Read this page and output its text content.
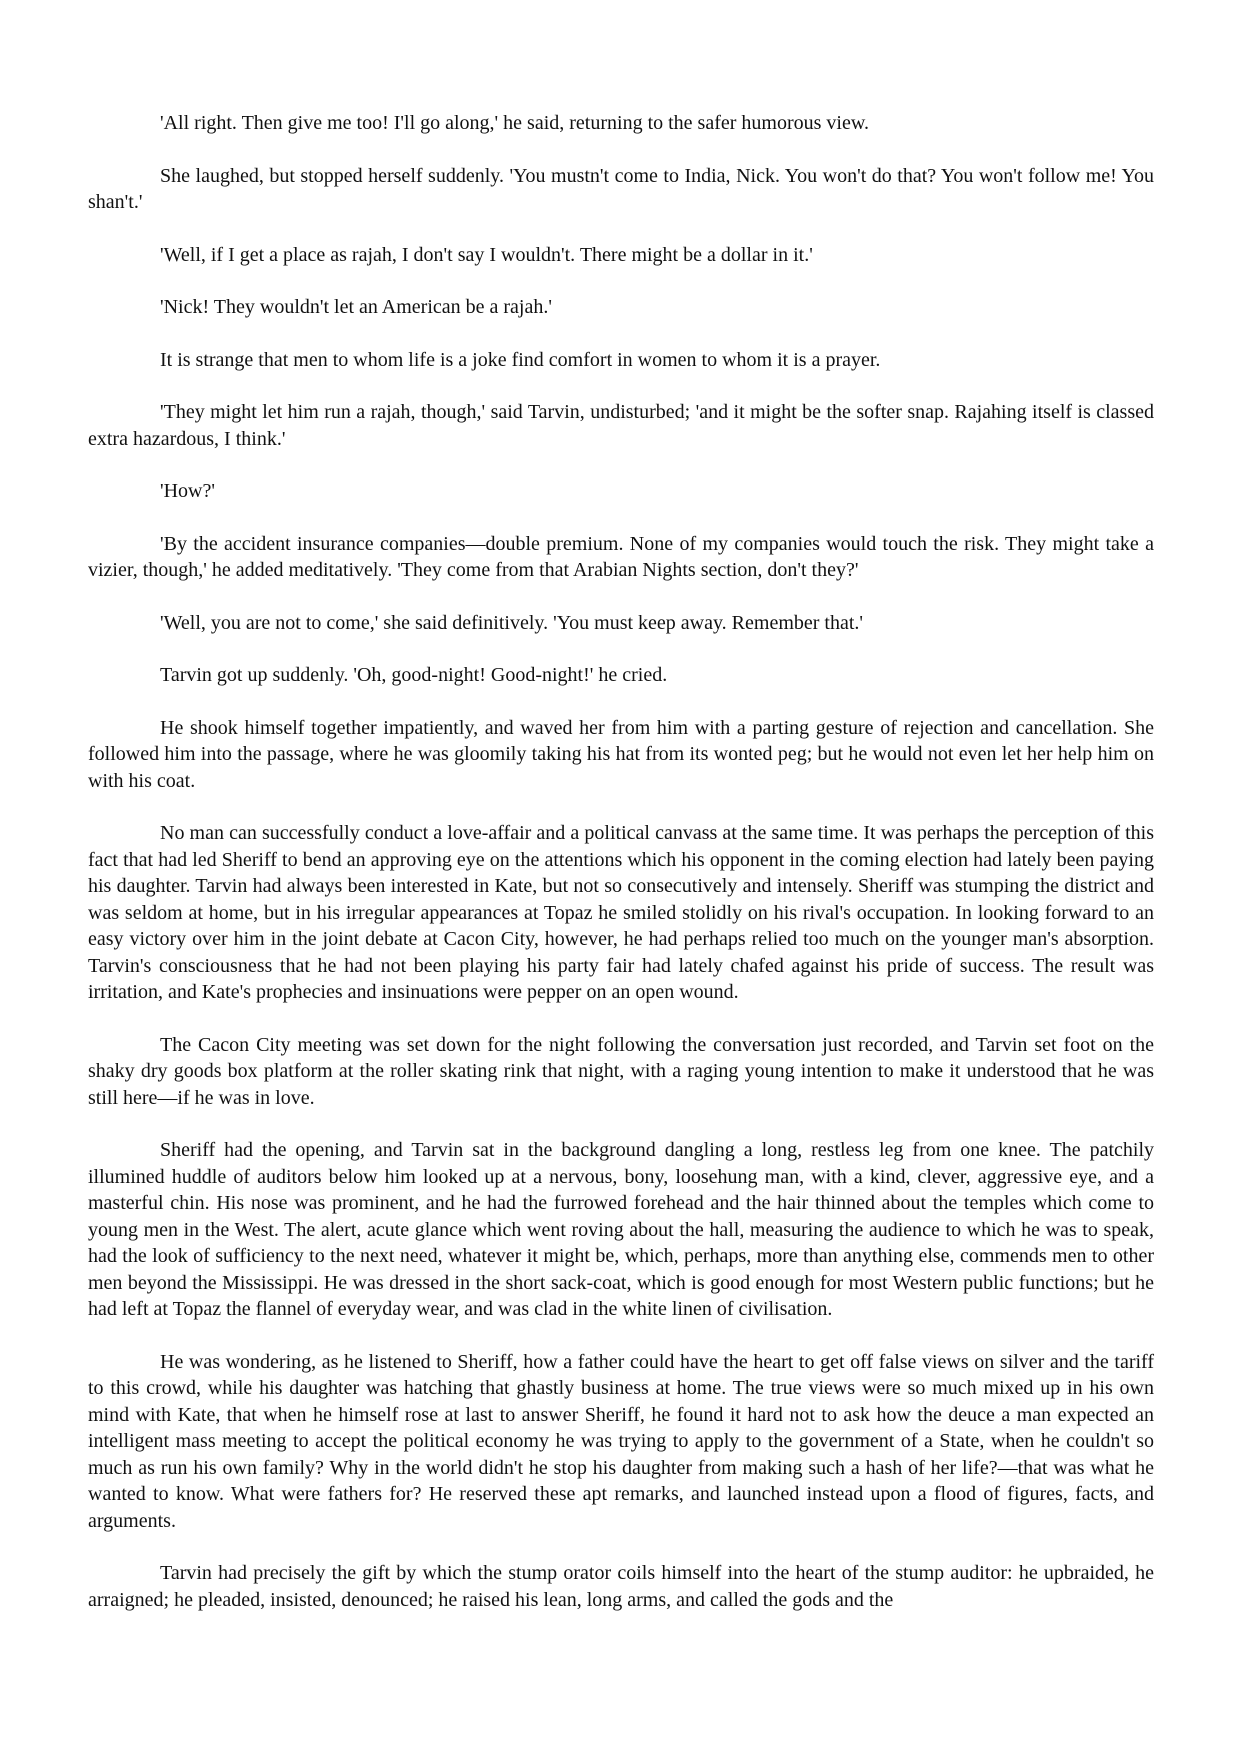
'All right. Then give me too! I'll go along,' he said, returning to the safer humorous view.

She laughed, but stopped herself suddenly. 'You mustn't come to India, Nick. You won't do that? You won't follow me! You shan't.'

'Well, if I get a place as rajah, I don't say I wouldn't. There might be a dollar in it.'

'Nick! They wouldn't let an American be a rajah.'

It is strange that men to whom life is a joke find comfort in women to whom it is a prayer.

'They might let him run a rajah, though,' said Tarvin, undisturbed; 'and it might be the softer snap. Rajahing itself is classed extra hazardous, I think.'

'How?'

'By the accident insurance companies—double premium. None of my companies would touch the risk. They might take a vizier, though,' he added meditatively. 'They come from that Arabian Nights section, don't they?'

'Well, you are not to come,' she said definitively. 'You must keep away. Remember that.'

Tarvin got up suddenly. 'Oh, good-night! Good-night!' he cried.

He shook himself together impatiently, and waved her from him with a parting gesture of rejection and cancellation. She followed him into the passage, where he was gloomily taking his hat from its wonted peg; but he would not even let her help him on with his coat.

No man can successfully conduct a love-affair and a political canvass at the same time. It was perhaps the perception of this fact that had led Sheriff to bend an approving eye on the attentions which his opponent in the coming election had lately been paying his daughter. Tarvin had always been interested in Kate, but not so consecutively and intensely. Sheriff was stumping the district and was seldom at home, but in his irregular appearances at Topaz he smiled stolidly on his rival's occupation. In looking forward to an easy victory over him in the joint debate at Cacon City, however, he had perhaps relied too much on the younger man's absorption. Tarvin's consciousness that he had not been playing his party fair had lately chafed against his pride of success. The result was irritation, and Kate's prophecies and insinuations were pepper on an open wound.

The Cacon City meeting was set down for the night following the conversation just recorded, and Tarvin set foot on the shaky dry goods box platform at the roller skating rink that night, with a raging young intention to make it understood that he was still here—if he was in love.

Sheriff had the opening, and Tarvin sat in the background dangling a long, restless leg from one knee. The patchily illumined huddle of auditors below him looked up at a nervous, bony, loosehung man, with a kind, clever, aggressive eye, and a masterful chin. His nose was prominent, and he had the furrowed forehead and the hair thinned about the temples which come to young men in the West. The alert, acute glance which went roving about the hall, measuring the audience to which he was to speak, had the look of sufficiency to the next need, whatever it might be, which, perhaps, more than anything else, commends men to other men beyond the Mississippi. He was dressed in the short sack-coat, which is good enough for most Western public functions; but he had left at Topaz the flannel of everyday wear, and was clad in the white linen of civilisation.

He was wondering, as he listened to Sheriff, how a father could have the heart to get off false views on silver and the tariff to this crowd, while his daughter was hatching that ghastly business at home. The true views were so much mixed up in his own mind with Kate, that when he himself rose at last to answer Sheriff, he found it hard not to ask how the deuce a man expected an intelligent mass meeting to accept the political economy he was trying to apply to the government of a State, when he couldn't so much as run his own family? Why in the world didn't he stop his daughter from making such a hash of her life?—that was what he wanted to know. What were fathers for? He reserved these apt remarks, and launched instead upon a flood of figures, facts, and arguments.

Tarvin had precisely the gift by which the stump orator coils himself into the heart of the stump auditor: he upbraided, he arraigned; he pleaded, insisted, denounced; he raised his lean, long arms, and called the gods and the
